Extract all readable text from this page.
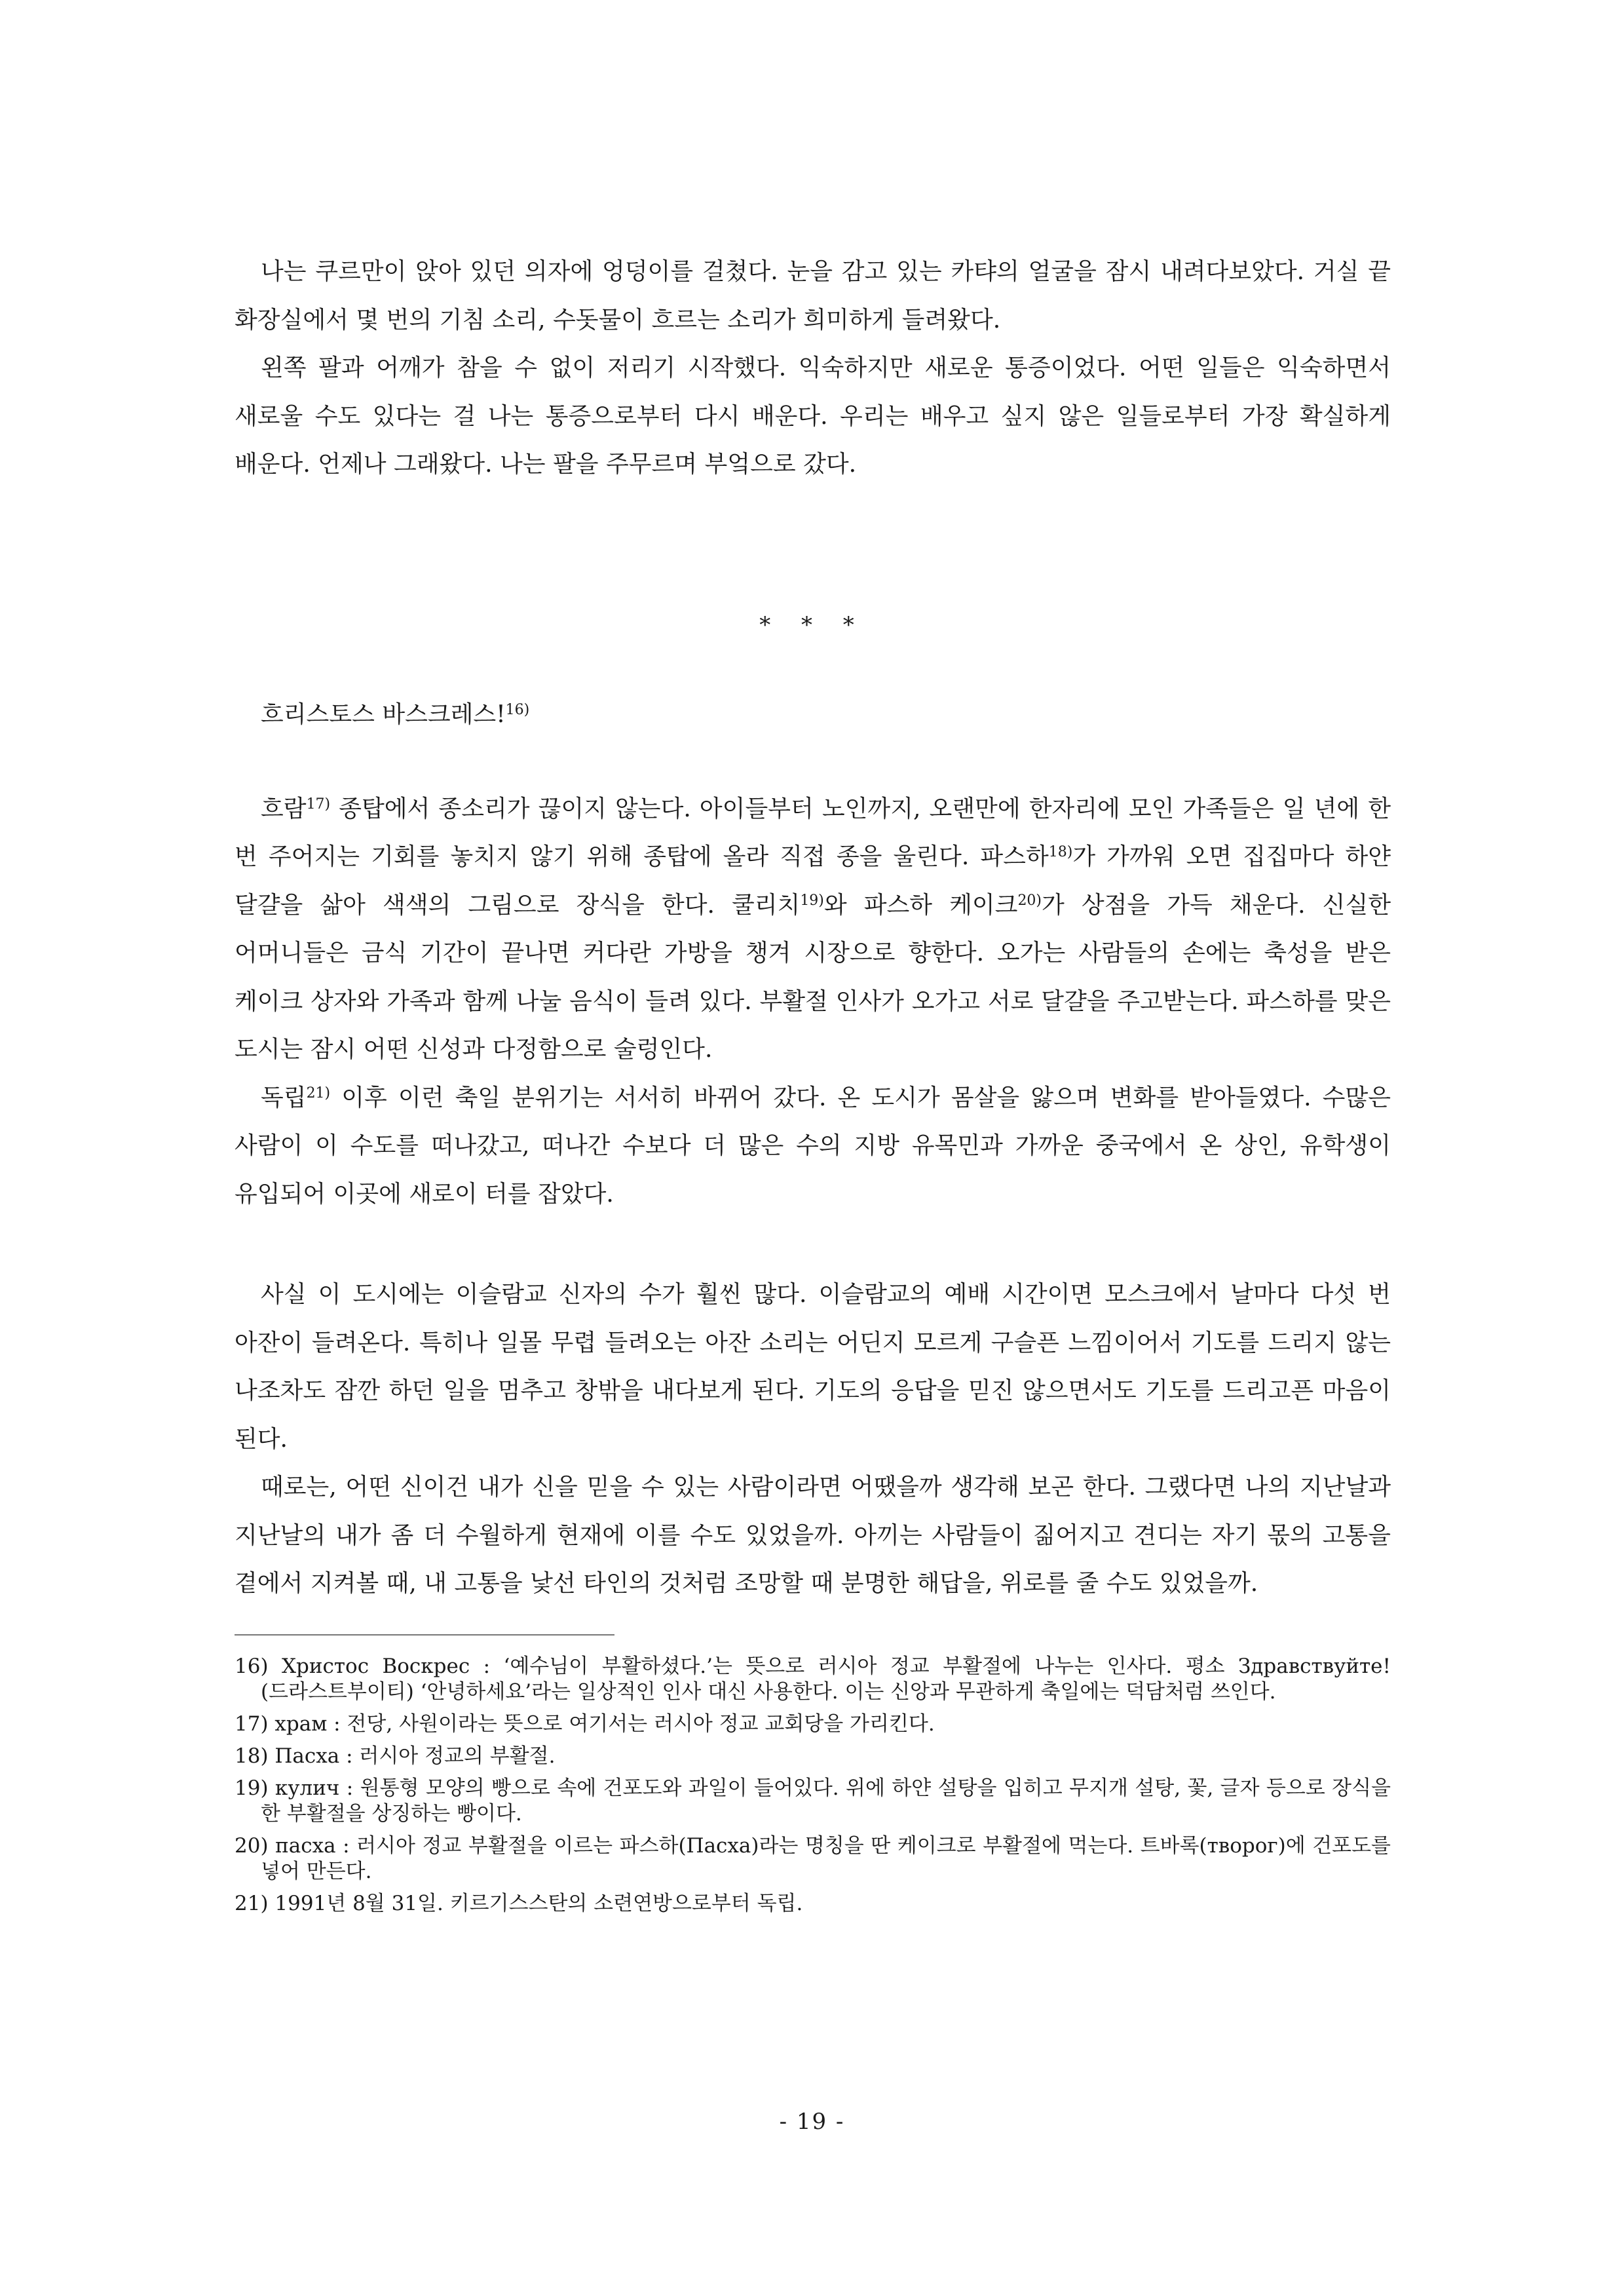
나는 쿠르만이 앉아 있던 의자에 엉덩이를 걸쳤다. 눈을 감고 있는 카탸의 얼굴을 잠시 내려다보았다. 거실 끝 화장실에서 몇 번의 기침 소리, 수돗물이 흐르는 소리가 희미하게 들려왔다.

왼쪽 팔과 어깨가 참을 수 없이 저리기 시작했다. 익숙하지만 새로운 통증이었다. 어떤 일들은 익숙하면서 새로울 수도 있다는 걸 나는 통증으로부터 다시 배운다. 우리는 배우고 싶지 않은 일들로부터 가장 확실하게 배운다. 언제나 그래왔다. 나는 팔을 주무르며 부엌으로 갔다.

* * *

흐리스토스 바스크레스!$^{16)}$

흐람$^{17)}$ 종탑에서 종소리가 끊이지 않는다. 아이들부터 노인까지, 오랜만에 한자리에 모인 가족들은 일 년에 한 번 주어지는 기회를 놓치지 않기 위해 종탑에 올라 직접 종을 울린다. 파스하$^{18)}$가 가까워 오면 집집마다 하얀 달걀을 삶아 색색의 그림으로 장식을 한다. 쿨리치$^{19)}$와 파스하 케이크$^{20)}$가 상점을 가득 채운다. 신실한 어머니들은 금식 기간이 끝나면 커다란 가방을 챙겨 시장으로 향한다. 오가는 사람들의 손에는 축성을 받은 케이크 상자와 가족과 함께 나눌 음식이 들려 있다. 부활절 인사가 오가고 서로 달걀을 주고받는다. 파스하를 맞은 도시는 잠시 어떤 신성과 다정함으로 술렁인다.

독립$^{21)}$ 이후 이런 축일 분위기는 서서히 바뀌어 갔다. 온 도시가 몸살을 앓으며 변화를 받아들였다. 수많은 사람이 이 수도를 떠나갔고, 떠나간 수보다 더 많은 수의 지방 유목민과 가까운 중국에서 온 상인, 유학생이 유입되어 이곳에 새로이 터를 잡았다.

사실 이 도시에는 이슬람교 신자의 수가 훨씬 많다. 이슬람교의 예배 시간이면 모스크에서 날마다 다섯 번 아잔이 들려온다. 특히나 일몰 무렵 들려오는 아잔 소리는 어딘지 모르게 구슬픈 느낌이어서 기도를 드리지 않는 나조차도 잠깐 하던 일을 멈추고 창밖을 내다보게 된다. 기도의 응답을 믿진 않으면서도 기도를 드리고픈 마음이 된다.

때로는, 어떤 신이건 내가 신을 믿을 수 있는 사람이라면 어땠을까 생각해 보곤 한다. 그랬다면 나의 지난날과 지난날의 내가 좀 더 수월하게 현재에 이를 수도 있었을까. 아끼는 사람들이 짊어지고 견디는 자기 몫의 고통을 곁에서 지켜볼 때, 내 고통을 낯선 타인의 것처럼 조망할 때 분명한 해답을, 위로를 줄 수도 있었을까.

16) Христос Воскрес : ‘예수님이 부활하셨다.’는 뜻으로 러시아 정교 부활절에 나누는 인사다. 평소 Здравствуйте!(드라스트부이티) ‘안녕하세요’라는 일상적인 인사 대신 사용한다. 이는 신앙과 무관하게 축일에는 덕담처럼 쓰인다.

17) храм : 전당, 사원이라는 뜻으로 여기서는 러시아 정교 교회당을 가리킨다.

18) Пасха : 러시아 정교의 부활절.

19) кулич : 원통형 모양의 빵으로 속에 건포도와 과일이 들어있다. 위에 하얀 설탕을 입히고 무지개 설탕, 꽃, 글자 등으로 장식을 한 부활절을 상징하는 빵이다.

20) пасха : 러시아 정교 부활절을 이르는 파스하(Пасха)라는 명칭을 딴 케이크로 부활절에 먹는다. 트바록(творог)에 건포도를 넣어 만든다.

21) 1991년 8월 31일. 키르기스스탄의 소련연방으로부터 독립.

- 19 -
